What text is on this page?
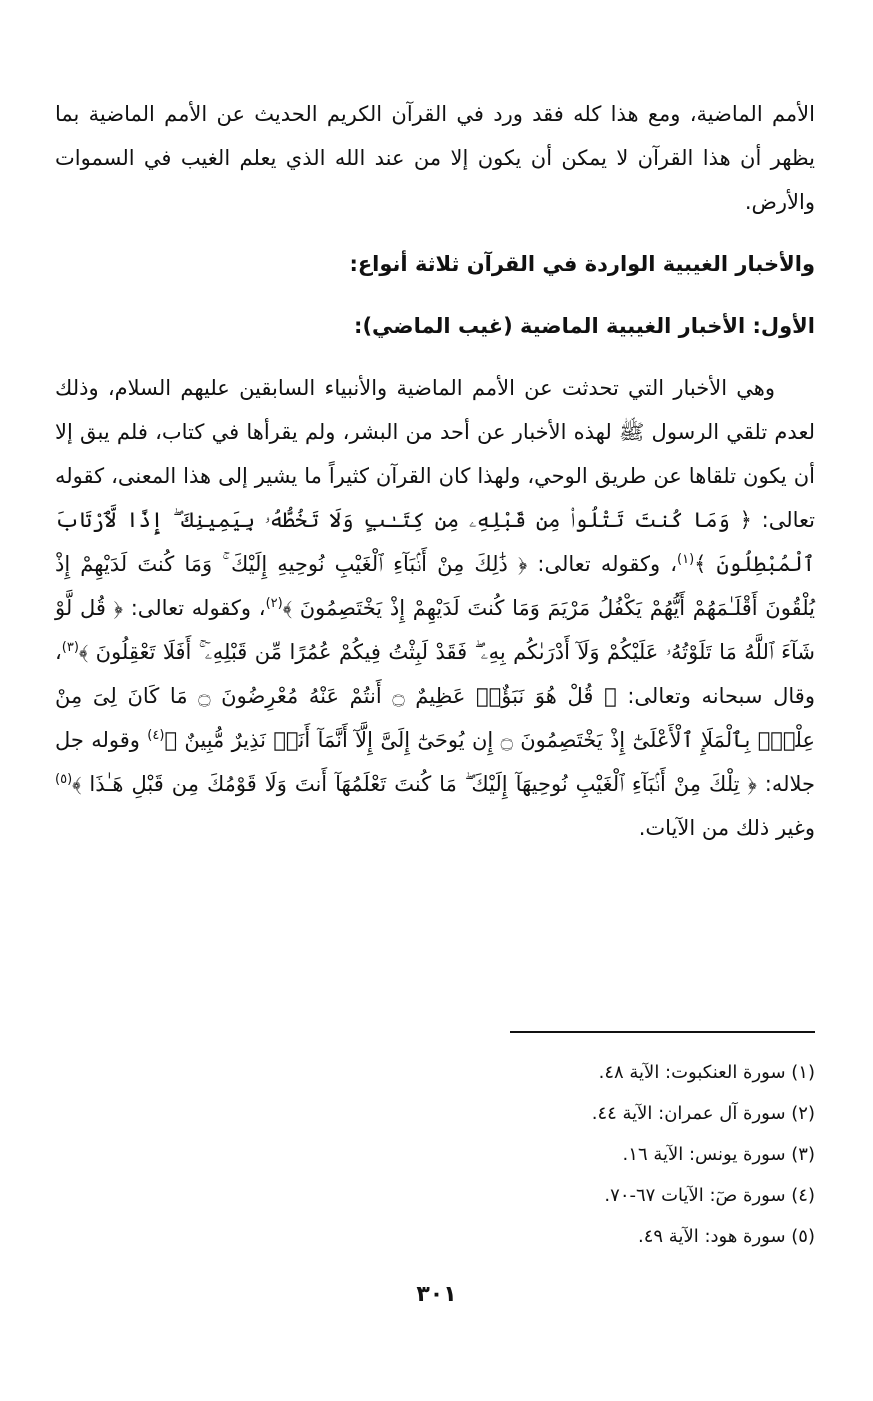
الأمم الماضية، ومع هذا كله فقد ورد في القرآن الكريم الحديث عن الأمم الماضية بما يظهر أن هذا القرآن لا يمكن أن يكون إلا من عند الله الذي يعلم الغيب في السموات والأرض.

والأخبار الغيبية الواردة في القرآن ثلاثة أنواع:

الأول: الأخبار الغيبية الماضية (غيب الماضي):

وهي الأخبار التي تحدثت عن الأمم الماضية والأنبياء السابقين عليهم السلام، وذلك لعدم تلقي الرسول ﷺ لهذه الأخبار عن أحد من البشر، ولم يقرأها في كتاب، فلم يبق إلا أن يكون تلقاها عن طريق الوحي، ولهذا كان القرآن كثيراً ما يشير إلى هذا المعنى، كقوله تعالى: ﴿ وَمَا كُنتَ تَتْلُوا۟ مِن قَبْلِهِۦ مِن كِتَـٰبٍ وَلَا تَخُطُّهُۥ بِيَمِينِكَ ۖ إِذًا لَّٱرْتَابَ ٱلْمُبْطِلُونَ ﴾$^{(١)}$، وكقوله تعالى: ﴿ ذَٰلِكَ مِنْ أَنۢبَآءِ ٱلْغَيْبِ نُوحِيهِ إِلَيْكَ ۚ وَمَا كُنتَ لَدَيْهِمْ إِذْ يُلْقُونَ أَقْلَـٰمَهُمْ أَيُّهُمْ يَكْفُلُ مَرْيَمَ وَمَا كُنتَ لَدَيْهِمْ إِذْ يَخْتَصِمُونَ ﴾$^{(٢)}$، وكقوله تعالى: ﴿ قُل لَّوْ شَآءَ ٱللَّهُ مَا تَلَوْتُهُۥ عَلَيْكُمْ وَلَآ أَدْرَىٰكُم بِهِۦ ۖ فَقَدْ لَبِثْتُ فِيكُمْ عُمُرًا مِّن قَبْلِهِۦٓ ۚ أَفَلَا تَعْقِلُونَ ﴾$^{(٣)}$، وقال سبحانه وتعالى: ﴿ قُلْ هُوَ نَبَؤٌا۟ عَظِيمٌ ۝ أَنتُمْ عَنْهُ مُعْرِضُونَ ۝ مَا كَانَ لِىَ مِنْ عِلْمٍۭ بِٱلْمَلَإِ ٱلْأَعْلَىٰٓ إِذْ يَخْتَصِمُونَ ۝ إِن يُوحَىٰٓ إِلَىَّ إِلَّآ أَنَّمَآ أَنَا۠ نَذِيرٌ مُّبِينٌ ﴾$^{(٤)}$ وقوله جل جلاله: ﴿ تِلْكَ مِنْ أَنۢبَآءِ ٱلْغَيْبِ نُوحِيهَآ إِلَيْكَ ۖ مَا كُنتَ تَعْلَمُهَآ أَنتَ وَلَا قَوْمُكَ مِن قَبْلِ هَـٰذَا ﴾$^{(٥)}$ وغير ذلك من الآيات.

(١) سورة العنكبوت: الآية ٤٨.
(٢) سورة آل عمران: الآية ٤٤.
(٣) سورة يونس: الآية ١٦.
(٤) سورة صٓ: الآيات ٦٧-٧٠.
(٥) سورة هود: الآية ٤٩.
٣٠١
